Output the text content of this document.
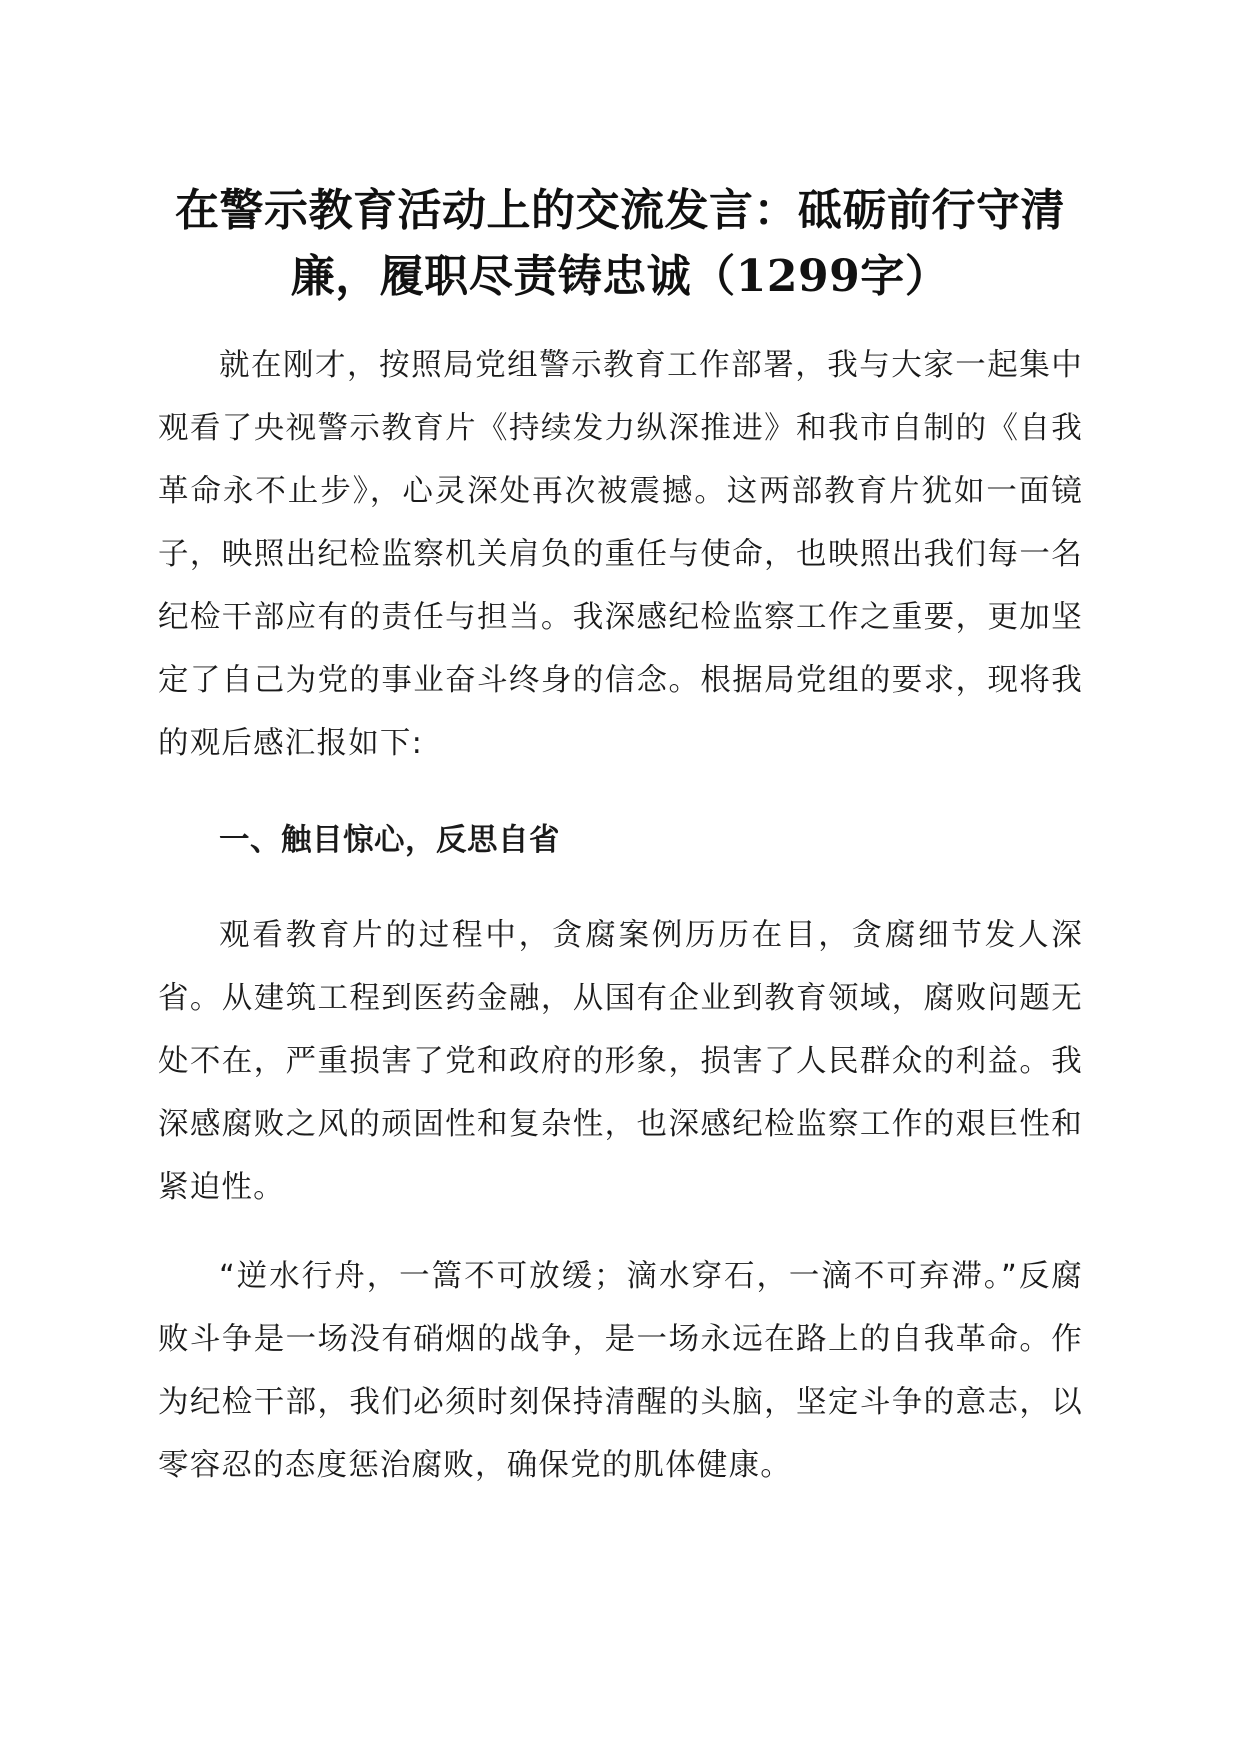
在警示教育活动上的交流发言：砥砺前行守清廉，履职尽责铸忠诚（1299字）

就在刚才，按照局党组警示教育工作部署，我与大家一起集中观看了央视警示教育片《持续发力纵深推进》和我市自制的《自我革命永不止步》，心灵深处再次被震撼。这两部教育片犹如一面镜子，映照出纪检监察机关肩负的重任与使命，也映照出我们每一名纪检干部应有的责任与担当。我深感纪检监察工作之重要，更加坚定了自己为党的事业奋斗终身的信念。根据局党组的要求，现将我的观后感汇报如下:

一、触目惊心，反思自省

观看教育片的过程中，贪腐案例历历在目，贪腐细节发人深省。从建筑工程到医药金融，从国有企业到教育领域，腐败问题无处不在，严重损害了党和政府的形象，损害了人民群众的利益。我深感腐败之风的顽固性和复杂性，也深感纪检监察工作的艰巨性和紧迫性。

“逆水行舟，一篙不可放缓；滴水穿石，一滴不可弃滞。”反腐败斗争是一场没有硝烟的战争，是一场永远在路上的自我革命。作为纪检干部，我们必须时刻保持清醒的头脑，坚定斗争的意志，以零容忍的态度惩治腐败，确保党的肌体健康。
